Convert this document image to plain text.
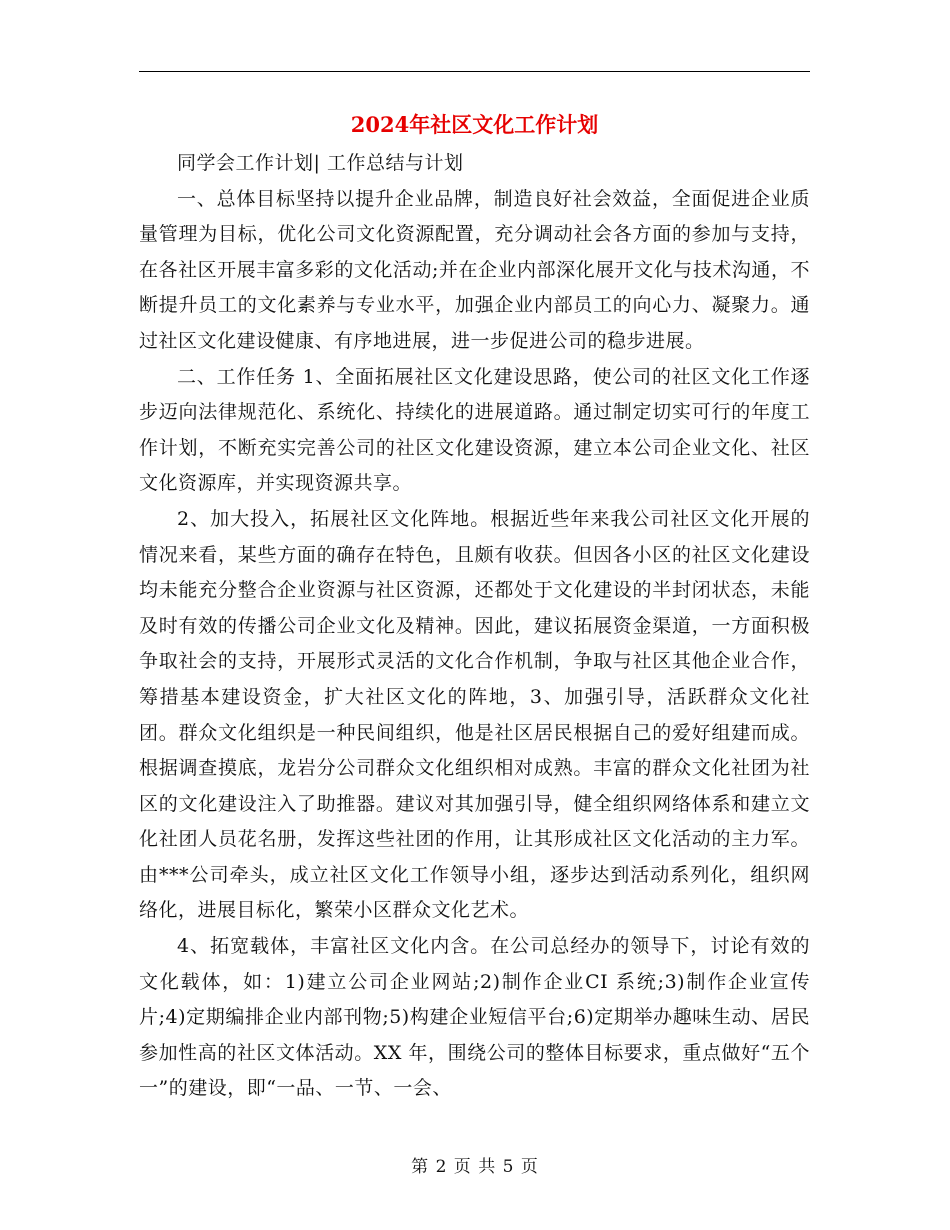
2024年社区文化工作计划

同学会工作计划| 工作总结与计划

一、总体目标坚持以提升企业品牌，制造良好社会效益，全面促进企业质量管理为目标，优化公司文化资源配置，充分调动社会各方面的参加与支持，在各社区开展丰富多彩的文化活动;并在企业内部深化展开文化与技术沟通，不断提升员工的文化素养与专业水平，加强企业内部员工的向心力、凝聚力。通过社区文化建设健康、有序地进展，进一步促进公司的稳步进展。

二、工作任务 1、全面拓展社区文化建设思路，使公司的社区文化工作逐步迈向法律规范化、系统化、持续化的进展道路。通过制定切实可行的年度工作计划，不断充实完善公司的社区文化建设资源，建立本公司企业文化、社区文化资源库，并实现资源共享。

2、加大投入，拓展社区文化阵地。根据近些年来我公司社区文化开展的情况来看，某些方面的确存在特色，且颇有收获。但因各小区的社区文化建设均未能充分整合企业资源与社区资源，还都处于文化建设的半封闭状态，未能及时有效的传播公司企业文化及精神。因此，建议拓展资金渠道，一方面积极争取社会的支持，开展形式灵活的文化合作机制，争取与社区其他企业合作，筹措基本建设资金，扩大社区文化的阵地，3、加强引导，活跃群众文化社团。群众文化组织是一种民间组织，他是社区居民根据自己的爱好组建而成。根据调查摸底，龙岩分公司群众文化组织相对成熟。丰富的群众文化社团为社区的文化建设注入了助推器。建议对其加强引导，健全组织网络体系和建立文化社团人员花名册，发挥这些社团的作用，让其形成社区文化活动的主力军。由***公司牵头，成立社区文化工作领导小组，逐步达到活动系列化，组织网络化，进展目标化，繁荣小区群众文化艺术。

4、拓宽载体，丰富社区文化内含。在公司总经办的领导下，讨论有效的文化载体，如：1)建立公司企业网站;2)制作企业CI 系统;3)制作企业宣传片;4)定期编排企业内部刊物;5)构建企业短信平台;6)定期举办趣味生动、居民参加性高的社区文体活动。XX 年，围绕公司的整体目标要求，重点做好“五个一”的建设，即“一品、一节、一会、

第 2 页 共 5 页
